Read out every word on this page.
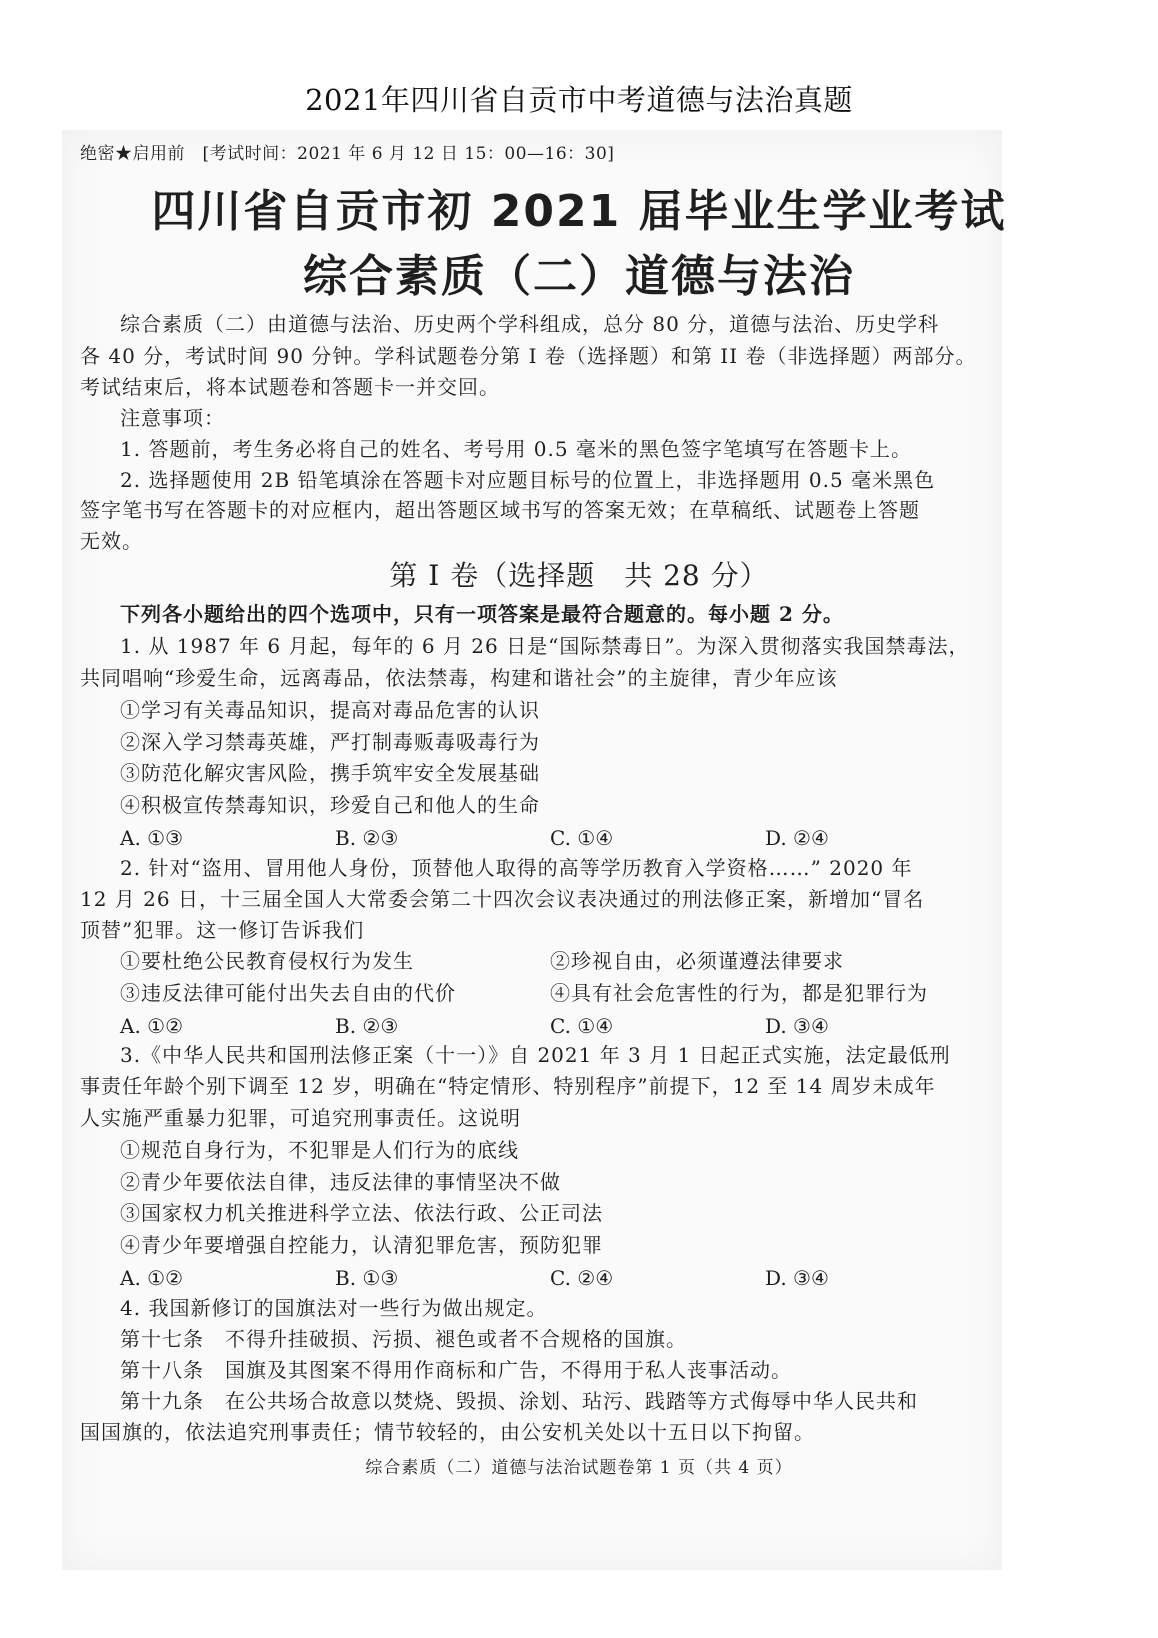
2021年四川省自贡市中考道德与法治真题
绝密★启用前　[考试时间：2021 年 6 月 12 日 15：00—16：30]
四川省自贡市初 2021 届毕业生学业考试
综合素质（二）道德与法治
综合素质（二）由道德与法治、历史两个学科组成，总分 80 分，道德与法治、历史学科
各 40 分，考试时间 90 分钟。学科试题卷分第 I 卷（选择题）和第 II 卷（非选择题）两部分。
考试结束后，将本试题卷和答题卡一并交回。
注意事项：
1. 答题前，考生务必将自己的姓名、考号用 0.5 毫米的黑色签字笔填写在答题卡上。
2. 选择题使用 2B 铅笔填涂在答题卡对应题目标号的位置上，非选择题用 0.5 毫米黑色
签字笔书写在答题卡的对应框内，超出答题区域书写的答案无效；在草稿纸、试题卷上答题
无效。
第 I 卷（选择题　共 28 分）
下列各小题给出的四个选项中，只有一项答案是最符合题意的。每小题 2 分。
1. 从 1987 年 6 月起，每年的 6 月 26 日是“国际禁毒日”。为深入贯彻落实我国禁毒法，
共同唱响“珍爱生命，远离毒品，依法禁毒，构建和谐社会”的主旋律，青少年应该
①学习有关毒品知识，提高对毒品危害的认识
②深入学习禁毒英雄，严打制毒贩毒吸毒行为
③防范化解灾害风险，携手筑牢安全发展基础
④积极宣传禁毒知识，珍爱自己和他人的生命
A. ①③	B. ②③	C. ①④	D. ②④
2. 针对“盗用、冒用他人身份，顶替他人取得的高等学历教育入学资格……” 2020 年
12 月 26 日，十三届全国人大常委会第二十四次会议表决通过的刑法修正案，新增加“冒名
顶替”犯罪。这一修订告诉我们
①要杜绝公民教育侵权行为发生	②珍视自由，必须谨遵法律要求
③违反法律可能付出失去自由的代价	④具有社会危害性的行为，都是犯罪行为
A. ①②	B. ②③	C. ①④	D. ③④
3.《中华人民共和国刑法修正案（十一）》自 2021 年 3 月 1 日起正式实施，法定最低刑
事责任年龄个别下调至 12 岁，明确在“特定情形、特别程序”前提下，12 至 14 周岁未成年
人实施严重暴力犯罪，可追究刑事责任。这说明
①规范自身行为，不犯罪是人们行为的底线
②青少年要依法自律，违反法律的事情坚决不做
③国家权力机关推进科学立法、依法行政、公正司法
④青少年要增强自控能力，认清犯罪危害，预防犯罪
A. ①②	B. ①③	C. ②④	D. ③④
4. 我国新修订的国旗法对一些行为做出规定。
第十七条　不得升挂破损、污损、褪色或者不合规格的国旗。
第十八条　国旗及其图案不得用作商标和广告，不得用于私人丧事活动。
第十九条　在公共场合故意以焚烧、毁损、涂划、玷污、践踏等方式侮辱中华人民共和
国国旗的，依法追究刑事责任；情节较轻的，由公安机关处以十五日以下拘留。
综合素质（二）道德与法治试题卷第 1 页（共 4 页）
